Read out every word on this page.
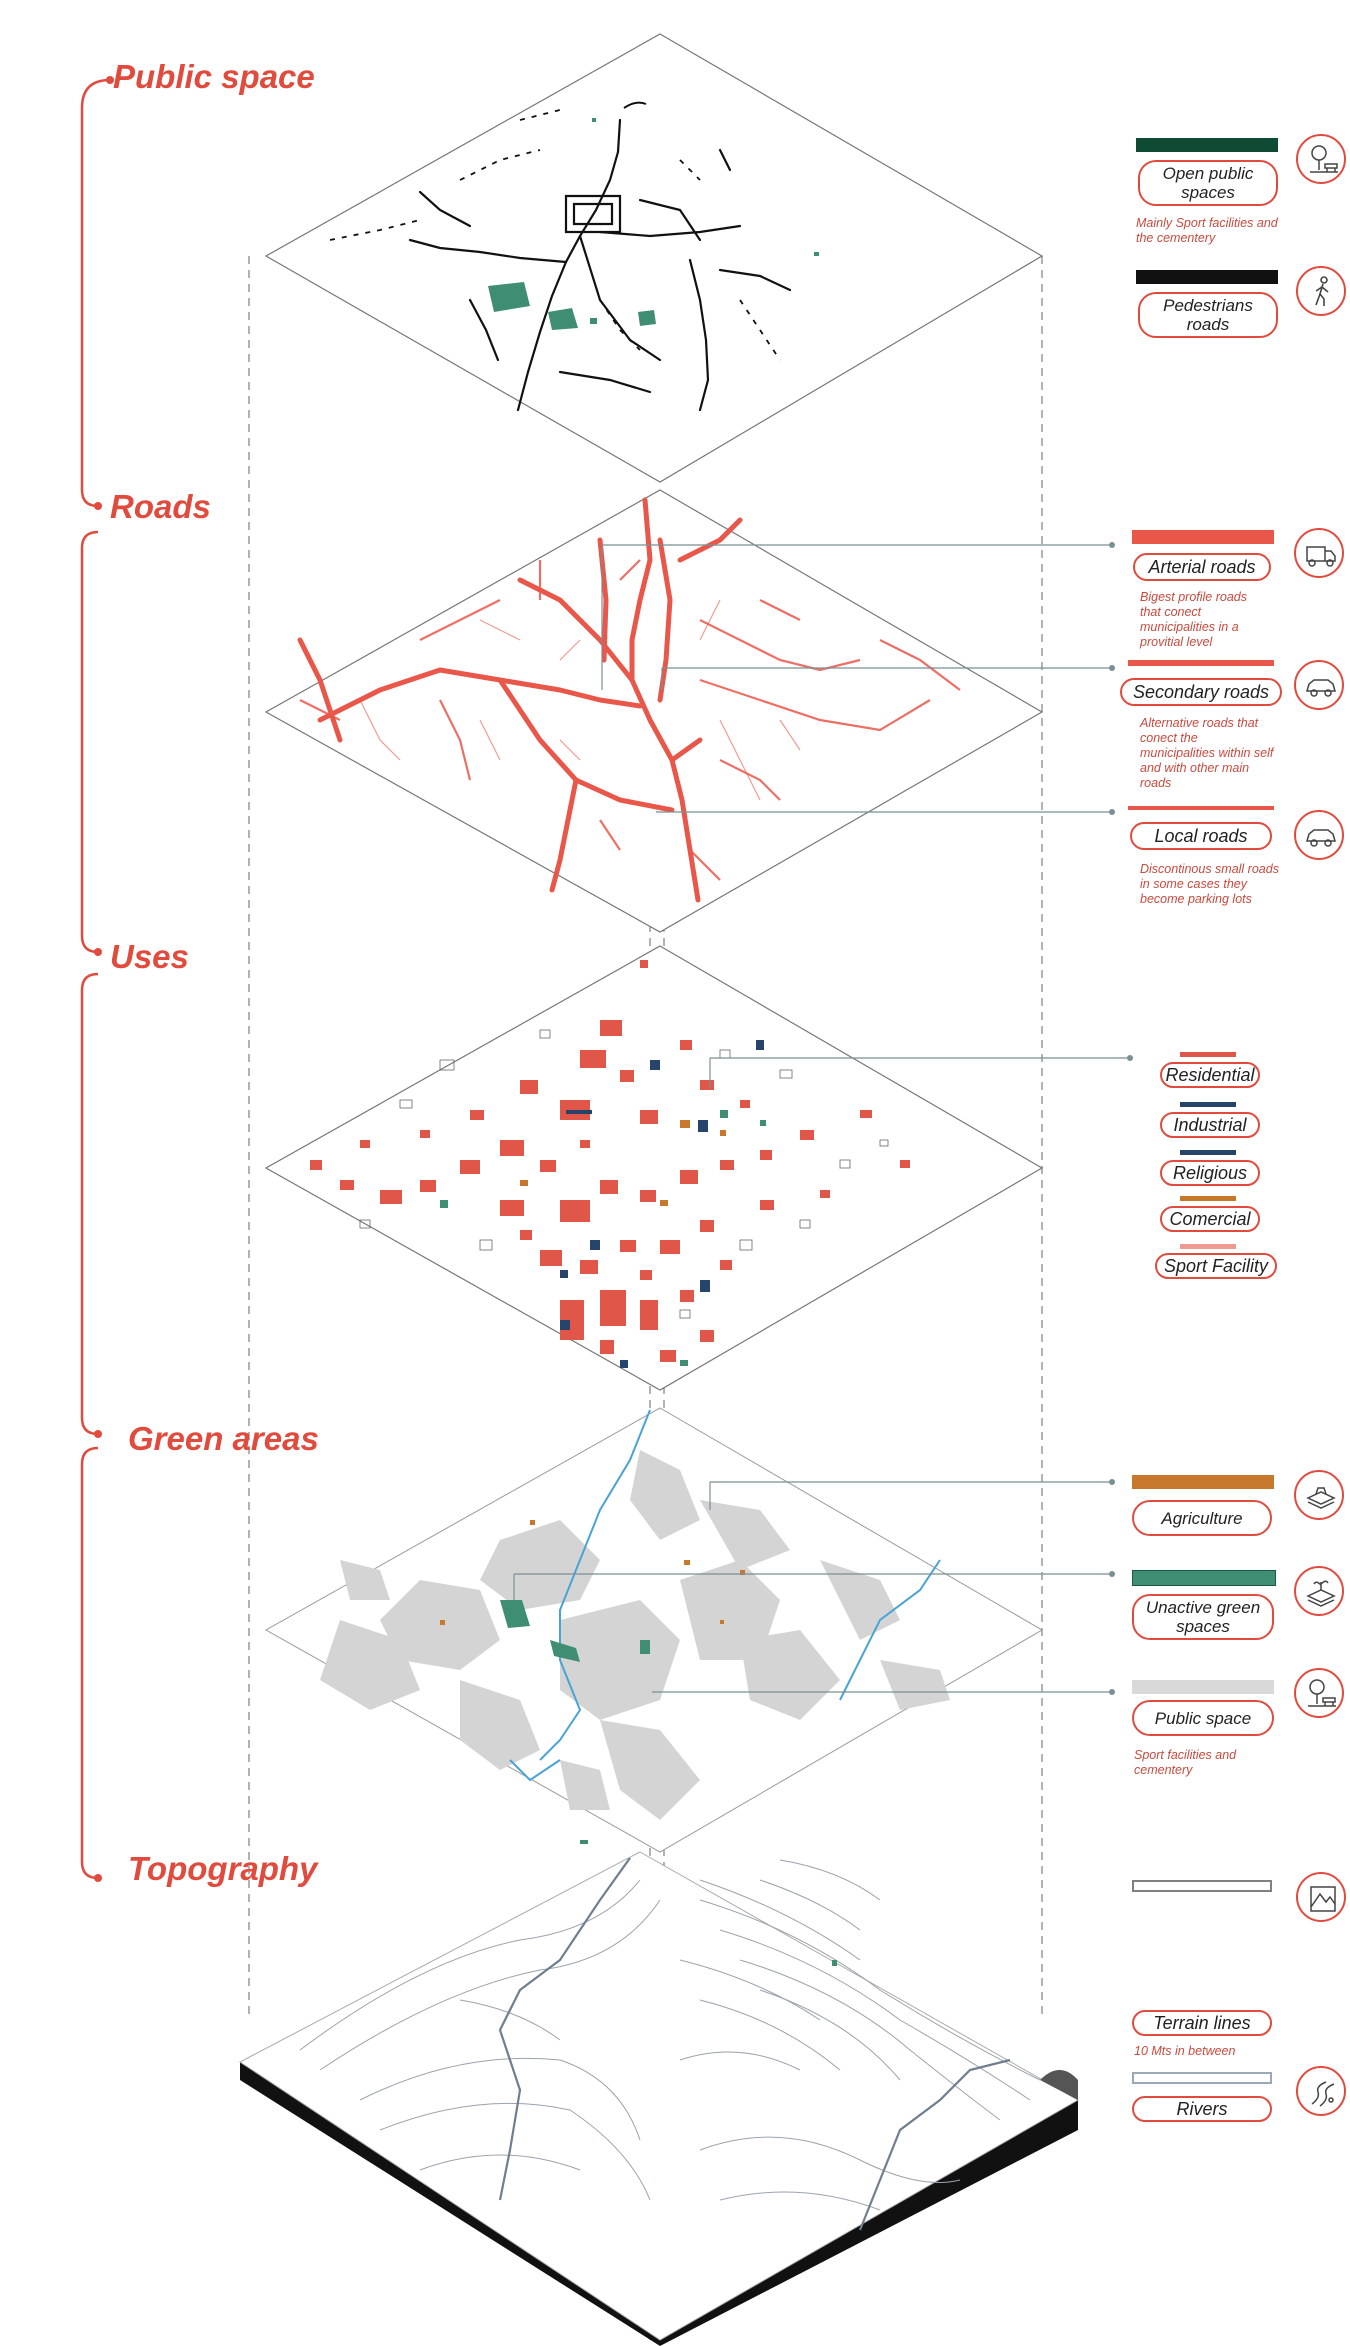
Public space
Roads
Uses
Green areas
Topography
Open public spaces
Mainly Sport facilities and the cementery
Pedestrians roads
Arterial roads
Bigest profile roads that conect municipalities in a provitial level
Secondary roads
Alternative roads that conect the municipalities within self and with other main roads
Local roads
Discontinous small roads in some cases they become parking lots
Residential
Industrial
Religious
Comercial
Sport Facility
Agriculture
Unactive green spaces
Public space
Sport facilities and cementery
Terrain lines
10 Mts in between
Rivers
